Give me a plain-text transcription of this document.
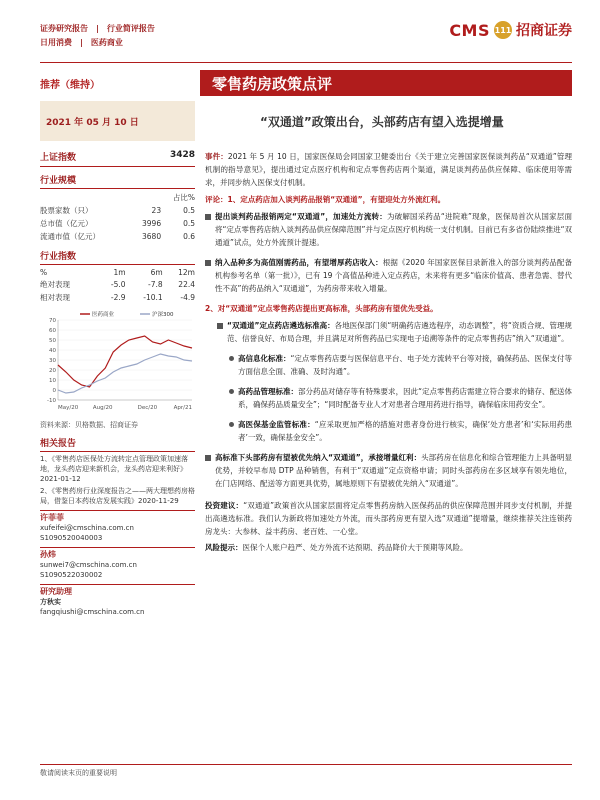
证券研究报告 | 行业简评报告
日用消费 | 医药商业
CMS 111 招商证券
推荐（维持）	零售药房政策点评
2021 年 05 月 10 日	“双通道”政策出台，头部药店有望入选提增量
上证指数	3428
行业规模
		占比%
股票家数（只）	23	0.5
总市值（亿元）	3996	0.5
流通市值（亿元）	3680	0.6
行业指数
%	1m	6m	12m
绝对表现	-5.0	-7.8	22.4
相对表现	-2.9	-10.1	-4.9
70
60
50
40
30
20
10
0
-10
May/20	Aug/20	Dec/20	Apr/21
医药商业	沪深300
资料来源：贝格数据、招商证券
相关报告
1、《零售药店医保处方流转定点管理政策加速落地，龙头药店迎来新机会，龙头药店迎来利好》2021-01-12
2、《零售药房行业深度报告之——两大理想药房格局，借鉴日本药妆店发展实践》2020-11-29
许菲菲
xufeifei@cmschina.com.cn
S1090520040003
孙炜
sunwei7@cmschina.com.cn
S1090522030002
研究助理
方秋实
fangqiushi@cmschina.com.cn

事件：2021 年 5 月 10 日，国家医保局会同国家卫健委出台《关于建立完善国家医保谈判药品“双通道”管理机制的指导意见》，提出通过定点医疗机构和定点零售药店两个渠道，满足谈判药品供应保障、临床使用等需求，并同步纳入医保支付机制。

评论：1、定点药店加入谈判药品报销“双通道”，有望迎处方外流红利。

提出谈判药品报销两定“双通道”，加速处方流转：为破解国采药品“进院难”现象，医保局首次从国家层面将“定点零售药店纳入谈判药品供应保障范围”并与定点医疗机构统一支付机制。目前已有多省份陆续推进“双通道”试点，处方外流预计提速。

纳入品种多为高值刚需药品，有望增厚药店收入：根据《2020 年国家医保目录新准入的部分谈判药品配备机构参考名单（第一批）》，已有 19 个高值品种进入定点药店，未来将有更多“临床价值高、患者急需、替代性不高”的药品纳入“双通道”，为药房带来收入增量。

2、对“双通道”定点零售药店提出更高标准，头部药房有望优先受益。

“双通道”定点药店遴选标准高：各地医保部门须“明确药店遴选程序，动态调整”，将“资质合规、管理规范、信誉良好、布局合理，并且满足对所售药品已实现电子追溯等条件的定点零售药店”纳入“双通道”。

高信息化标准：“定点零售药店要与医保信息平台、电子处方流转平台等对接，确保药品、医保支付等方面信息全面、准确、及时沟通”。

高药品管理标准：部分药品对储存等有特殊要求，因此“定点零售药店需建立符合要求的储存、配送体系，确保药品质量安全”；“同时配备专业人才对患者合理用药进行指导，确保临床用药安全”。

高医保基金监管标准：“应采取更加严格的措施对患者身份进行核实，确保‘处方患者’和‘实际用药患者’一致，确保基金安全”。

高标准下头部药房有望被优先纳入“双通道”，承接增量红利：头部药房在信息化和综合管理能力上具备明显优势，并较早布局 DTP 品种销售，有利于“双通道”定点资格申请；同时头部药房在多区域享有领先地位，在门店网络、配送等方面更具优势，属地原则下有望被优先纳入“双通道”。

投资建议：“双通道”政策首次从国家层面将定点零售药房纳入医保药品的供应保障范围并同步支付机制，并提出高遴选标准。我们认为新政将加速处方外流，而头部药房更有望入选“双通道”提增量，继续推荐关注连锁药房龙头：大参林、益丰药房、老百姓、一心堂。

风险提示：医保个人账户趋严、处方外流不达预期、药品降价大于预期等风险。

敬请阅读末页的重要说明
